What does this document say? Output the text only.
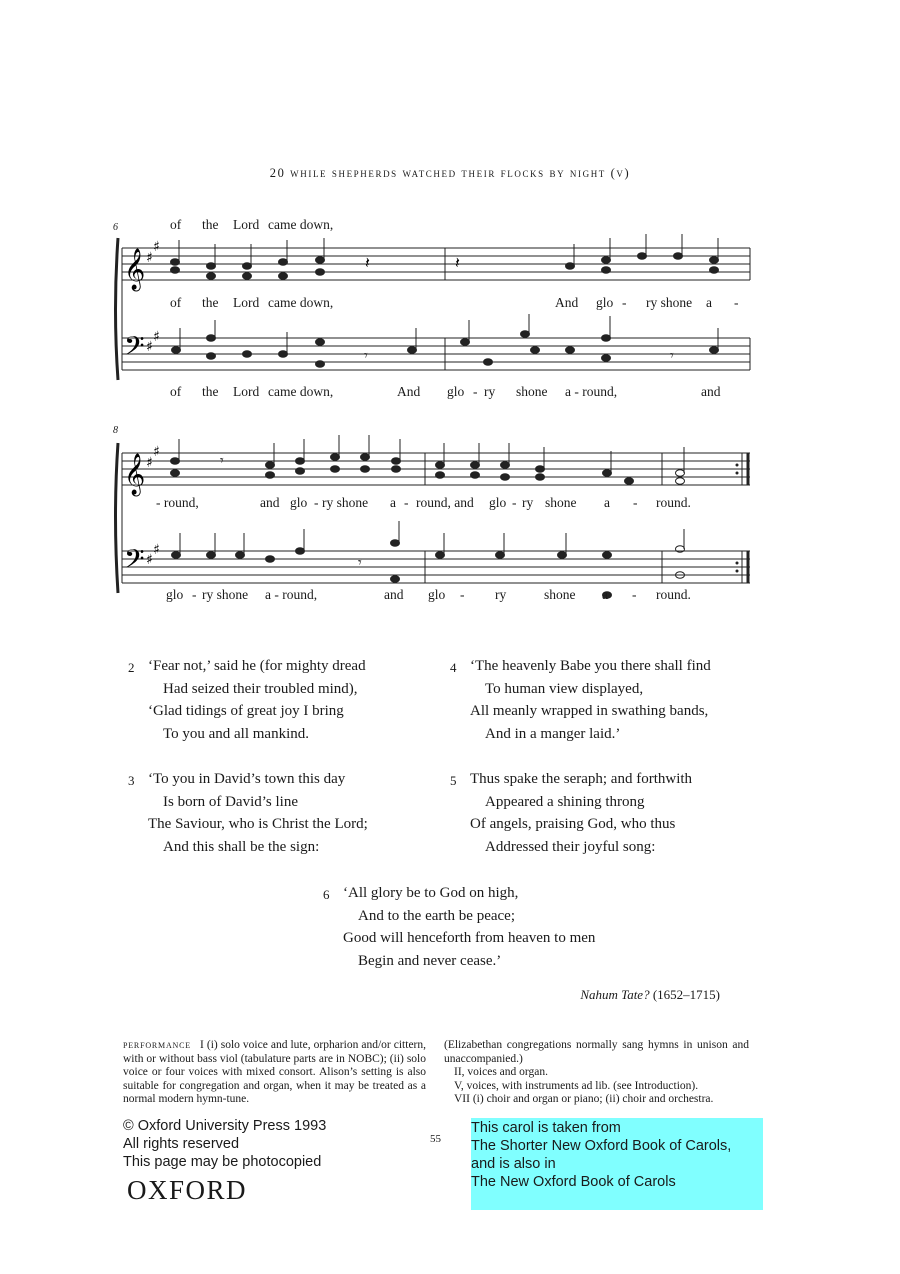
20 while shepherds watched their flocks by night (v)
𝄞
𝄢
♯
♯
♯
♯
𝄽	𝄽
𝄾	𝄾
6	of the Lord came down,
of the Lord came down,	And glo - ry shone a -
of the Lord came down,	And glo - ry shone a - round,	and
𝄞
𝄢
♯
♯
♯
♯
𝄾
𝄾
8
- round,	and glo - ry shone a - round, and glo - ry shone a - round.
glo - ry shone a - round,	and glo - ry	shone a - round.
2 ‘Fear not,’ said he (for mighty dread
Had seized their troubled mind),
‘Glad tidings of great joy I bring
To you and all mankind.
4 ‘The heavenly Babe you there shall find
To human view displayed,
All meanly wrapped in swathing bands,
And in a manger laid.’
3 ‘To you in David’s town this day
Is born of David’s line
The Saviour, who is Christ the Lord;
And this shall be the sign:
5 Thus spake the seraph; and forthwith
Appeared a shining throng
Of angels, praising God, who thus
Addressed their joyful song:
6 ‘All glory be to God on high,
And to the earth be peace;
Good will henceforth from heaven to men
Begin and never cease.’
Nahum Tate? (1652–1715)
performance I (i) solo voice and lute, orpharion and/or cittern, with or without bass viol (tabulature parts are in NOBC); (ii) solo voice or four voices with mixed consort. Alison’s setting is also suitable for congregation and organ, when it may be treated as a normal modern hymn-tune.
(Elizabethan congregations normally sang hymns in unison and unaccompanied.)
II, voices and organ.
V, voices, with instruments ad lib. (see Introduction).
VII (i) choir and organ or piano; (ii) choir and orchestra.
© Oxford University Press 1993
All rights reserved
This page may be photocopied
55
OXFORD
This carol is taken from
The Shorter New Oxford Book of Carols,
and is also in
The New Oxford Book of Carols
